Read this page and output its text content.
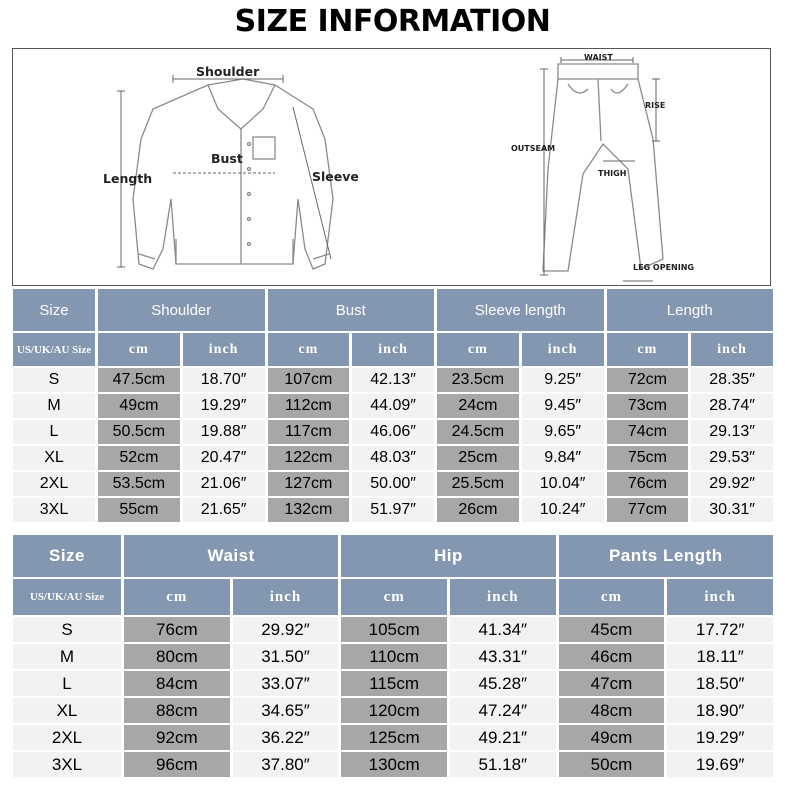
SIZE INFORMATION
Shoulder
Bust
Length	Sleeve
WAIST
RISE
OUTSEAM
THIGH
LEG OPENING
Size	Shoulder		Bust		Sleeve length		Length	
US/UK/AU Size	cm	inch	cm	inch	cm	inch	cm	inch
S	47.5cm	18.70″	107cm	42.13″	23.5cm	9.25″	72cm	28.35″
M	49cm	19.29″	112cm	44.09″	24cm	9.45″	73cm	28.74″
L	50.5cm	19.88″	117cm	46.06″	24.5cm	9.65″	74cm	29.13″
XL	52cm	20.47″	122cm	48.03″	25cm	9.84″	75cm	29.53″
2XL	53.5cm	21.06″	127cm	50.00″	25.5cm	10.04″	76cm	29.92″
3XL	55cm	21.65″	132cm	51.97″	26cm	10.24″	77cm	30.31″
Size	Waist		Hip		Pants Length	
US/UK/AU Size	cm	inch	cm	inch	cm	inch
S	76cm	29.92″	105cm	41.34″	45cm	17.72″
M	80cm	31.50″	110cm	43.31″	46cm	18.11″
L	84cm	33.07″	115cm	45.28″	47cm	18.50″
XL	88cm	34.65″	120cm	47.24″	48cm	18.90″
2XL	92cm	36.22″	125cm	49.21″	49cm	19.29″
3XL	96cm	37.80″	130cm	51.18″	50cm	19.69″
